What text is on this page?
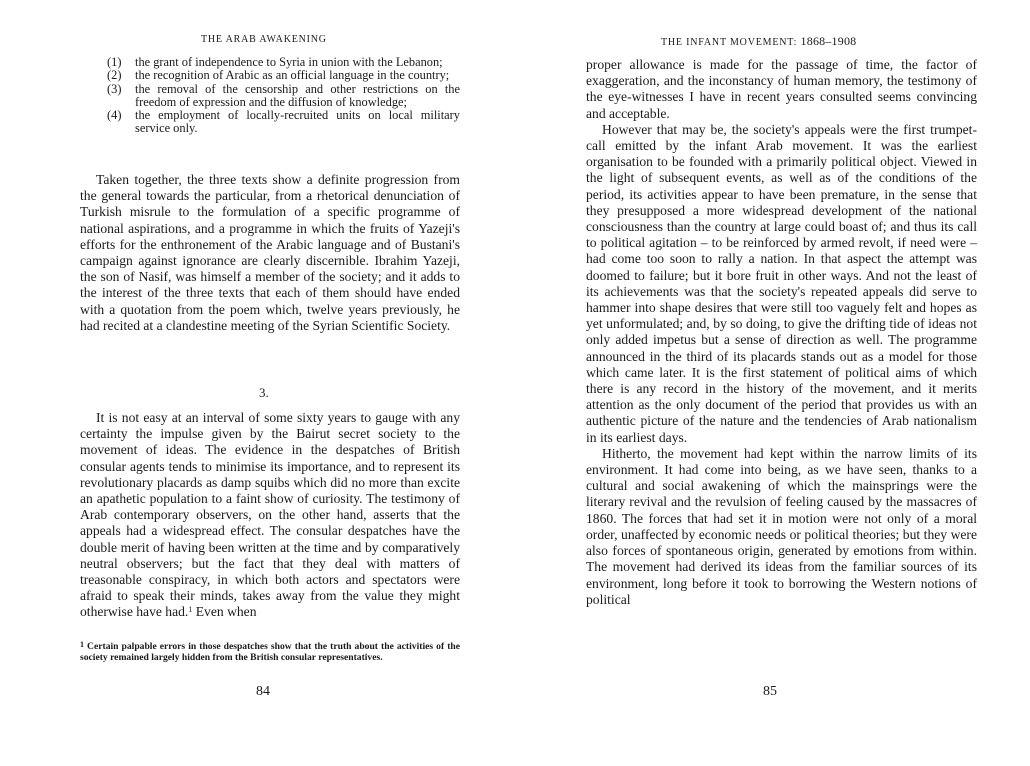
THE ARAB AWAKENING
(1) the grant of independence to Syria in union with the Lebanon;
(2) the recognition of Arabic as an official language in the country;
(3) the removal of the censorship and other restrictions on the freedom of expression and the diffusion of knowledge;
(4) the employment of locally-recruited units on local military service only.

Taken together, the three texts show a definite progression from the general towards the particular, from a rhetorical denunciation of Turkish misrule to the formulation of a specific programme of national aspirations, and a programme in which the fruits of Yazeji's efforts for the enthronement of the Arabic language and of Bustani's campaign against ignorance are clearly discernible. Ibrahim Yazeji, the son of Nasif, was himself a member of the society; and it adds to the interest of the three texts that each of them should have ended with a quotation from the poem which, twelve years previously, he had recited at a clandestine meeting of the Syrian Scientific Society.

3.

It is not easy at an interval of some sixty years to gauge with any certainty the impulse given by the Bairut secret society to the movement of ideas. The evidence in the despatches of British consular agents tends to minimise its importance, and to represent its revolutionary placards as damp squibs which did no more than excite an apathetic population to a faint show of curiosity. The testimony of Arab contemporary observers, on the other hand, asserts that the appeals had a widespread effect. The consular despatches have the double merit of having been written at the time and by comparatively neutral observers; but the fact that they deal with matters of treasonable conspiracy, in which both actors and spectators were afraid to speak their minds, takes away from the value they might otherwise have had.$^1$ Even when

$^1$ Certain palpable errors in those despatches show that the truth about the activities of the society remained largely hidden from the British consular representatives.
84
THE INFANT MOVEMENT: 1868–1908

proper allowance is made for the passage of time, the factor of exaggeration, and the inconstancy of human memory, the testimony of the eye-witnesses I have in recent years consulted seems convincing and acceptable.

However that may be, the society's appeals were the first trumpet-call emitted by the infant Arab movement. It was the earliest organisation to be founded with a primarily political object. Viewed in the light of subsequent events, as well as of the conditions of the period, its activities appear to have been premature, in the sense that they presupposed a more widespread development of the national consciousness than the country at large could boast of; and thus its call to political agitation – to be reinforced by armed revolt, if need were – had come too soon to rally a nation. In that aspect the attempt was doomed to failure; but it bore fruit in other ways. And not the least of its achievements was that the society's repeated appeals did serve to hammer into shape desires that were still too vaguely felt and hopes as yet unformulated; and, by so doing, to give the drifting tide of ideas not only added impetus but a sense of direction as well. The programme announced in the third of its placards stands out as a model for those which came later. It is the first statement of political aims of which there is any record in the history of the movement, and it merits attention as the only document of the period that provides us with an authentic picture of the nature and the tendencies of Arab nationalism in its earliest days.

Hitherto, the movement had kept within the narrow limits of its environment. It had come into being, as we have seen, thanks to a cultural and social awakening of which the mainsprings were the literary revival and the revulsion of feeling caused by the massacres of 1860. The forces that had set it in motion were not only of a moral order, unaffected by economic needs or political theories; but they were also forces of spontaneous origin, generated by emotions from within. The movement had derived its ideas from the familiar sources of its environment, long before it took to borrowing the Western notions of political

85
